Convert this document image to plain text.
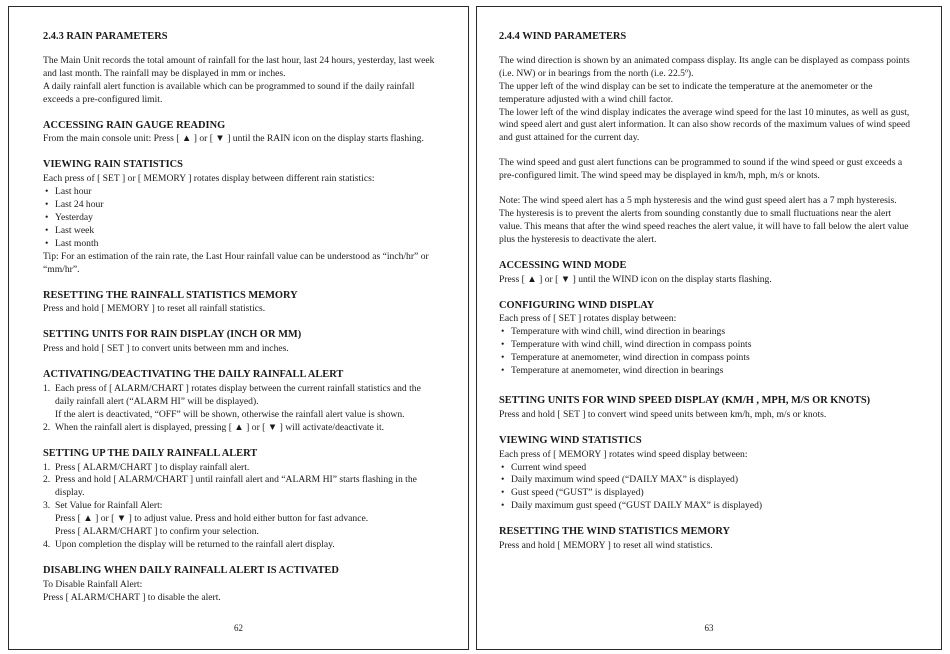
2.4.3 RAIN PARAMETERS

The Main Unit records the total amount of rainfall for the last hour, last 24 hours, yesterday, last week and last month. The rainfall may be displayed in mm or inches.

A daily rainfall alert function is available which can be programmed to sound if the daily rainfall exceeds a pre-configured limit.

ACCESSING RAIN GAUGE READING

From the main console unit: Press [ ▲ ] or [ ▼ ] until the RAIN icon on the display starts flashing.

VIEWING RAIN STATISTICS

Each press of [ SET ] or [ MEMORY ] rotates display between different rain statistics:

• Last hour
• Last 24 hour
• Yesterday
• Last week
• Last month

Tip: For an estimation of the rain rate, the Last Hour rainfall value can be understood as “inch/hr” or “mm/hr”.

RESETTING THE RAINFALL STATISTICS MEMORY

Press and hold [ MEMORY ] to reset all rainfall statistics.

SETTING UNITS FOR RAIN DISPLAY (INCH OR MM)

Press and hold [ SET ] to convert units between mm and inches.

ACTIVATING/DEACTIVATING THE DAILY RAINFALL ALERT
1. Each press of [ ALARM/CHART ] rotates display between the current rainfall statistics and the daily rainfall alert (“ALARM HI” will be displayed).
If the alert is deactivated, “OFF” will be shown, otherwise the rainfall alert value is shown.
2. When the rainfall alert is displayed, pressing [ ▲ ] or [ ▼ ] will activate/deactivate it.
SETTING UP THE DAILY RAINFALL ALERT
1. Press [ ALARM/CHART ] to display rainfall alert.
2. Press and hold [ ALARM/CHART ] until rainfall alert and “ALARM HI” starts flashing in the display.
3. Set Value for Rainfall Alert:
Press [ ▲ ] or [ ▼ ] to adjust value. Press and hold either button for fast advance.
Press [ ALARM/CHART ] to confirm your selection.
4. Upon completion the display will be returned to the rainfall alert display.
DISABLING WHEN DAILY RAINFALL ALERT IS ACTIVATED

To Disable Rainfall Alert:

Press [ ALARM/CHART ] to disable the alert.

62
2.4.4 WIND PARAMETERS

The wind direction is shown by an animated compass display. Its angle can be displayed as compass points (i.e. NW) or in bearings from the north (i.e. 22.5º).

The upper left of the wind display can be set to indicate the temperature at the anemometer or the temperature adjusted with a wind chill factor.

The lower left of the wind display indicates the average wind speed for the last 10 minutes, as well as gust, wind speed alert and gust alert information. It can also show records of the maximum values of wind speed and gust attained for the current day.

The wind speed and gust alert functions can be programmed to sound if the wind speed or gust exceeds a pre-configured limit. The wind speed may be displayed in km/h, mph, m/s or knots.

Note: The wind speed alert has a 5 mph hysteresis and the wind gust speed alert has a 7 mph hysteresis. The hysteresis is to prevent the alerts from sounding constantly due to small fluctuations near the alert value. This means that after the wind speed reaches the alert value, it will have to fall below the alert value plus the hysteresis to deactivate the alert.

ACCESSING WIND MODE

Press [ ▲ ] or [ ▼ ] until the WIND icon on the display starts flashing.

CONFIGURING WIND DISPLAY

Each press of [ SET ] rotates display between:

• Temperature with wind chill, wind direction in bearings
• Temperature with wind chill, wind direction in compass points
• Temperature at anemometer, wind direction in compass points
• Temperature at anemometer, wind direction in bearings
SETTING UNITS FOR WIND SPEED DISPLAY (KM/H , MPH, M/S OR KNOTS)

Press and hold [ SET ] to convert wind speed units between km/h, mph, m/s or knots.

VIEWING WIND STATISTICS

Each press of [ MEMORY ] rotates wind speed display between:

• Current wind speed
• Daily maximum wind speed (“DAILY MAX” is displayed)
• Gust speed (“GUST” is displayed)
• Daily maximum gust speed (“GUST DAILY MAX” is displayed)
RESETTING THE WIND STATISTICS MEMORY

Press and hold [ MEMORY ] to reset all wind statistics.

63
